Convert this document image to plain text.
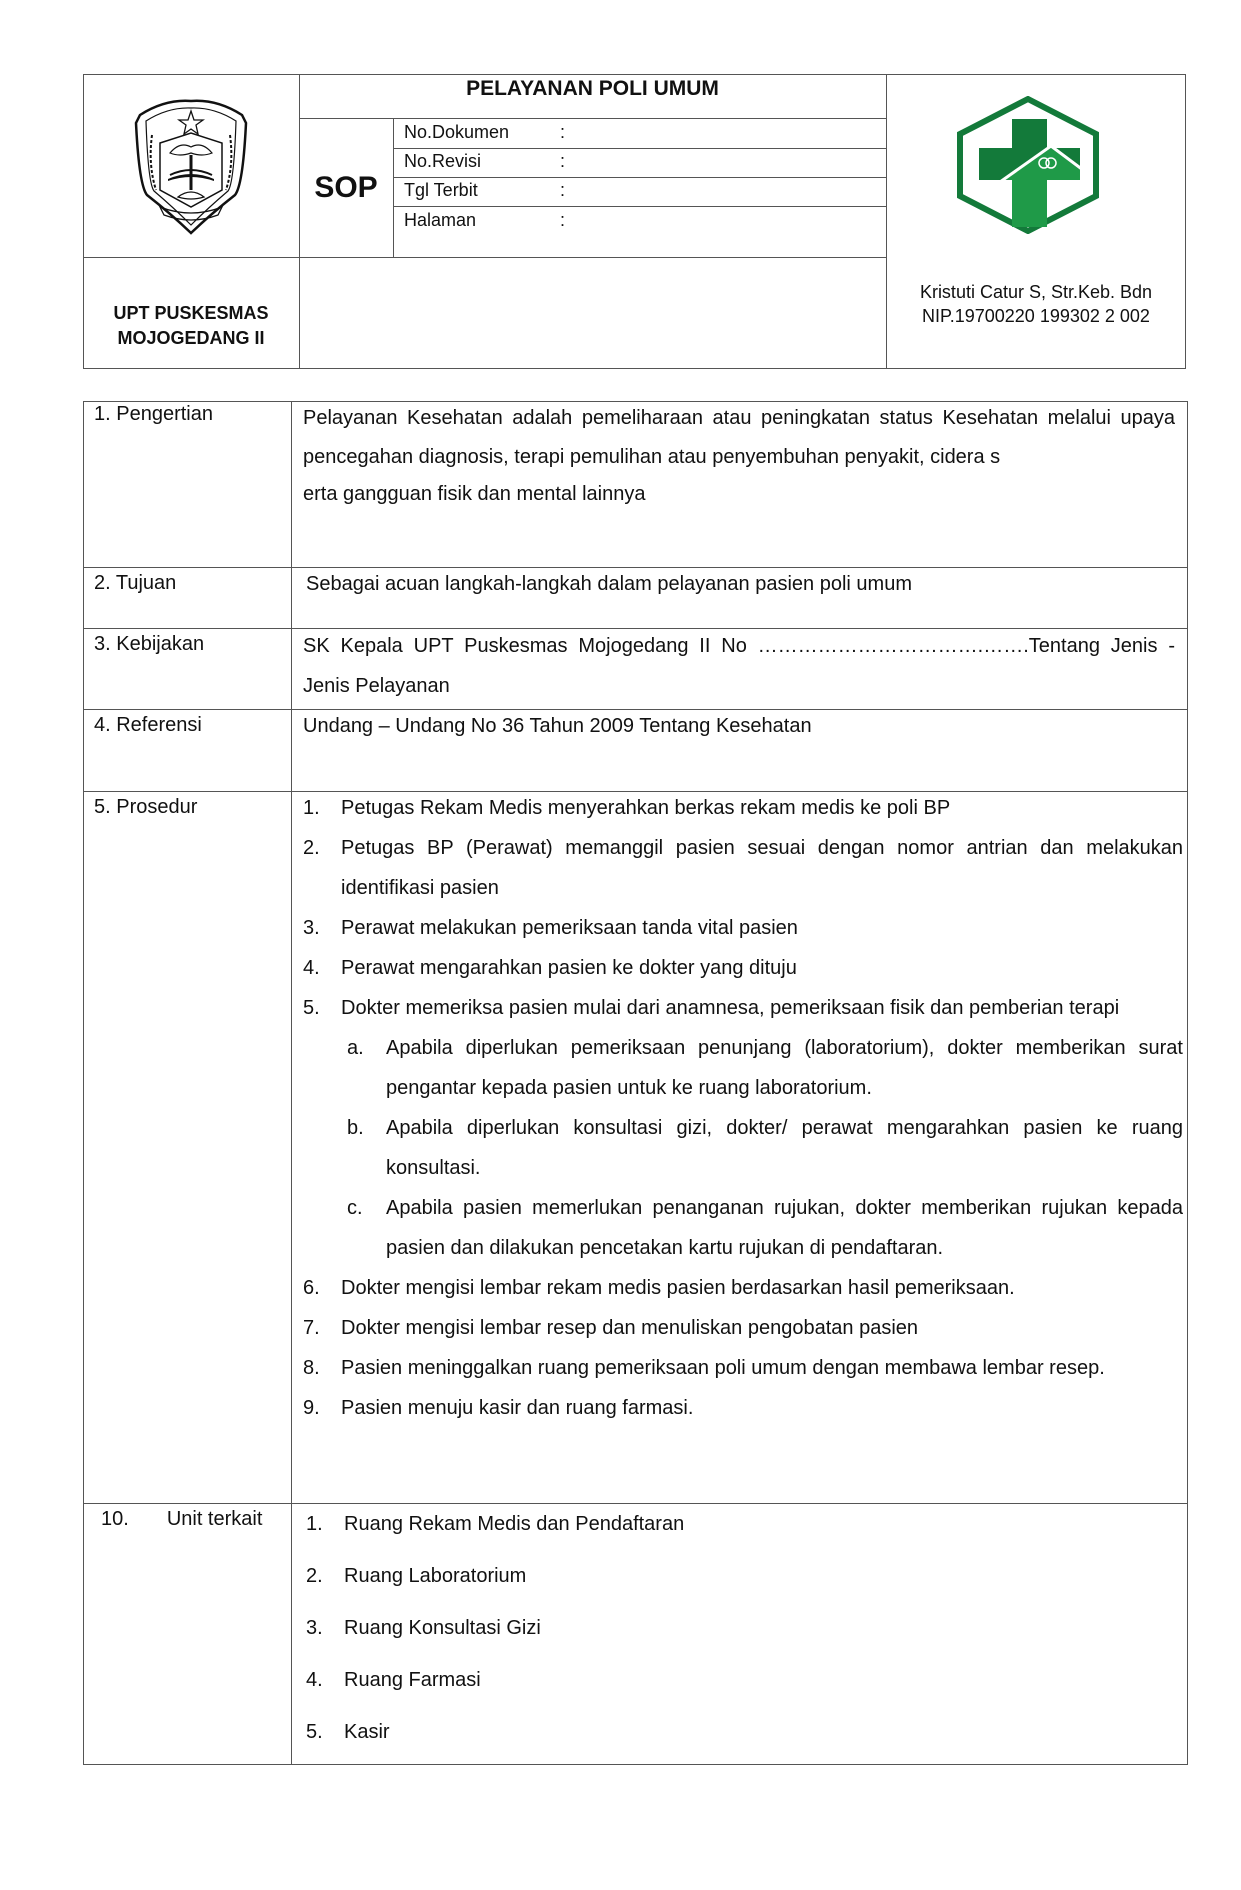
PELAYANAN POLI UMUM
SOP
No.Dokumen	:
No.Revisi	:
Tgl Terbit	:
Halaman	:
UPT PUSKESMAS
MOJOGEDANG II
Kristuti Catur S, Str.Keb. Bdn
NIP.19700220 199302 2 002
1. Pengertian	Pelayanan Kesehatan adalah pemeliharaan atau peningkatan status Kesehatan melalui upaya pencegahan diagnosis, terapi pemulihan atau penyembuhan penyakit, cidera s
erta gangguan fisik dan mental lainnya
2. Tujuan	Sebagai acuan langkah-langkah dalam pelayanan pasien poli umum
3. Kebijakan	SK Kepala UPT Puskesmas Mojogedang II No …………………………….…….Tentang Jenis - Jenis Pelayanan
4. Referensi	Undang – Undang No 36 Tahun 2009 Tentang Kesehatan
5. Prosedur	1. Petugas Rekam Medis menyerahkan berkas rekam medis ke poli BP
2. Petugas BP (Perawat) memanggil pasien sesuai dengan nomor antrian dan melakukan identifikasi pasien
3. Perawat melakukan pemeriksaan tanda vital pasien
4. Perawat mengarahkan pasien ke dokter yang dituju
5. Dokter memeriksa pasien mulai dari anamnesa, pemeriksaan fisik dan pemberian terapi
a. Apabila diperlukan pemeriksaan penunjang (laboratorium), dokter memberikan surat pengantar kepada pasien untuk ke ruang laboratorium.
b. Apabila diperlukan konsultasi gizi, dokter/ perawat mengarahkan pasien ke ruang konsultasi.
c. Apabila pasien memerlukan penanganan rujukan, dokter memberikan rujukan kepada pasien dan dilakukan pencetakan kartu rujukan di pendaftaran.
6. Dokter mengisi lembar rekam medis pasien berdasarkan hasil pemeriksaan.
7. Dokter mengisi lembar resep dan menuliskan pengobatan pasien
8. Pasien meninggalkan ruang pemeriksaan poli umum dengan membawa lembar resep.
9. Pasien menuju kasir dan ruang farmasi.
10. Unit terkait 1. Ruang Rekam Medis dan Pendaftaran
2. Ruang Laboratorium
3. Ruang Konsultasi Gizi
4. Ruang Farmasi
5. Kasir
